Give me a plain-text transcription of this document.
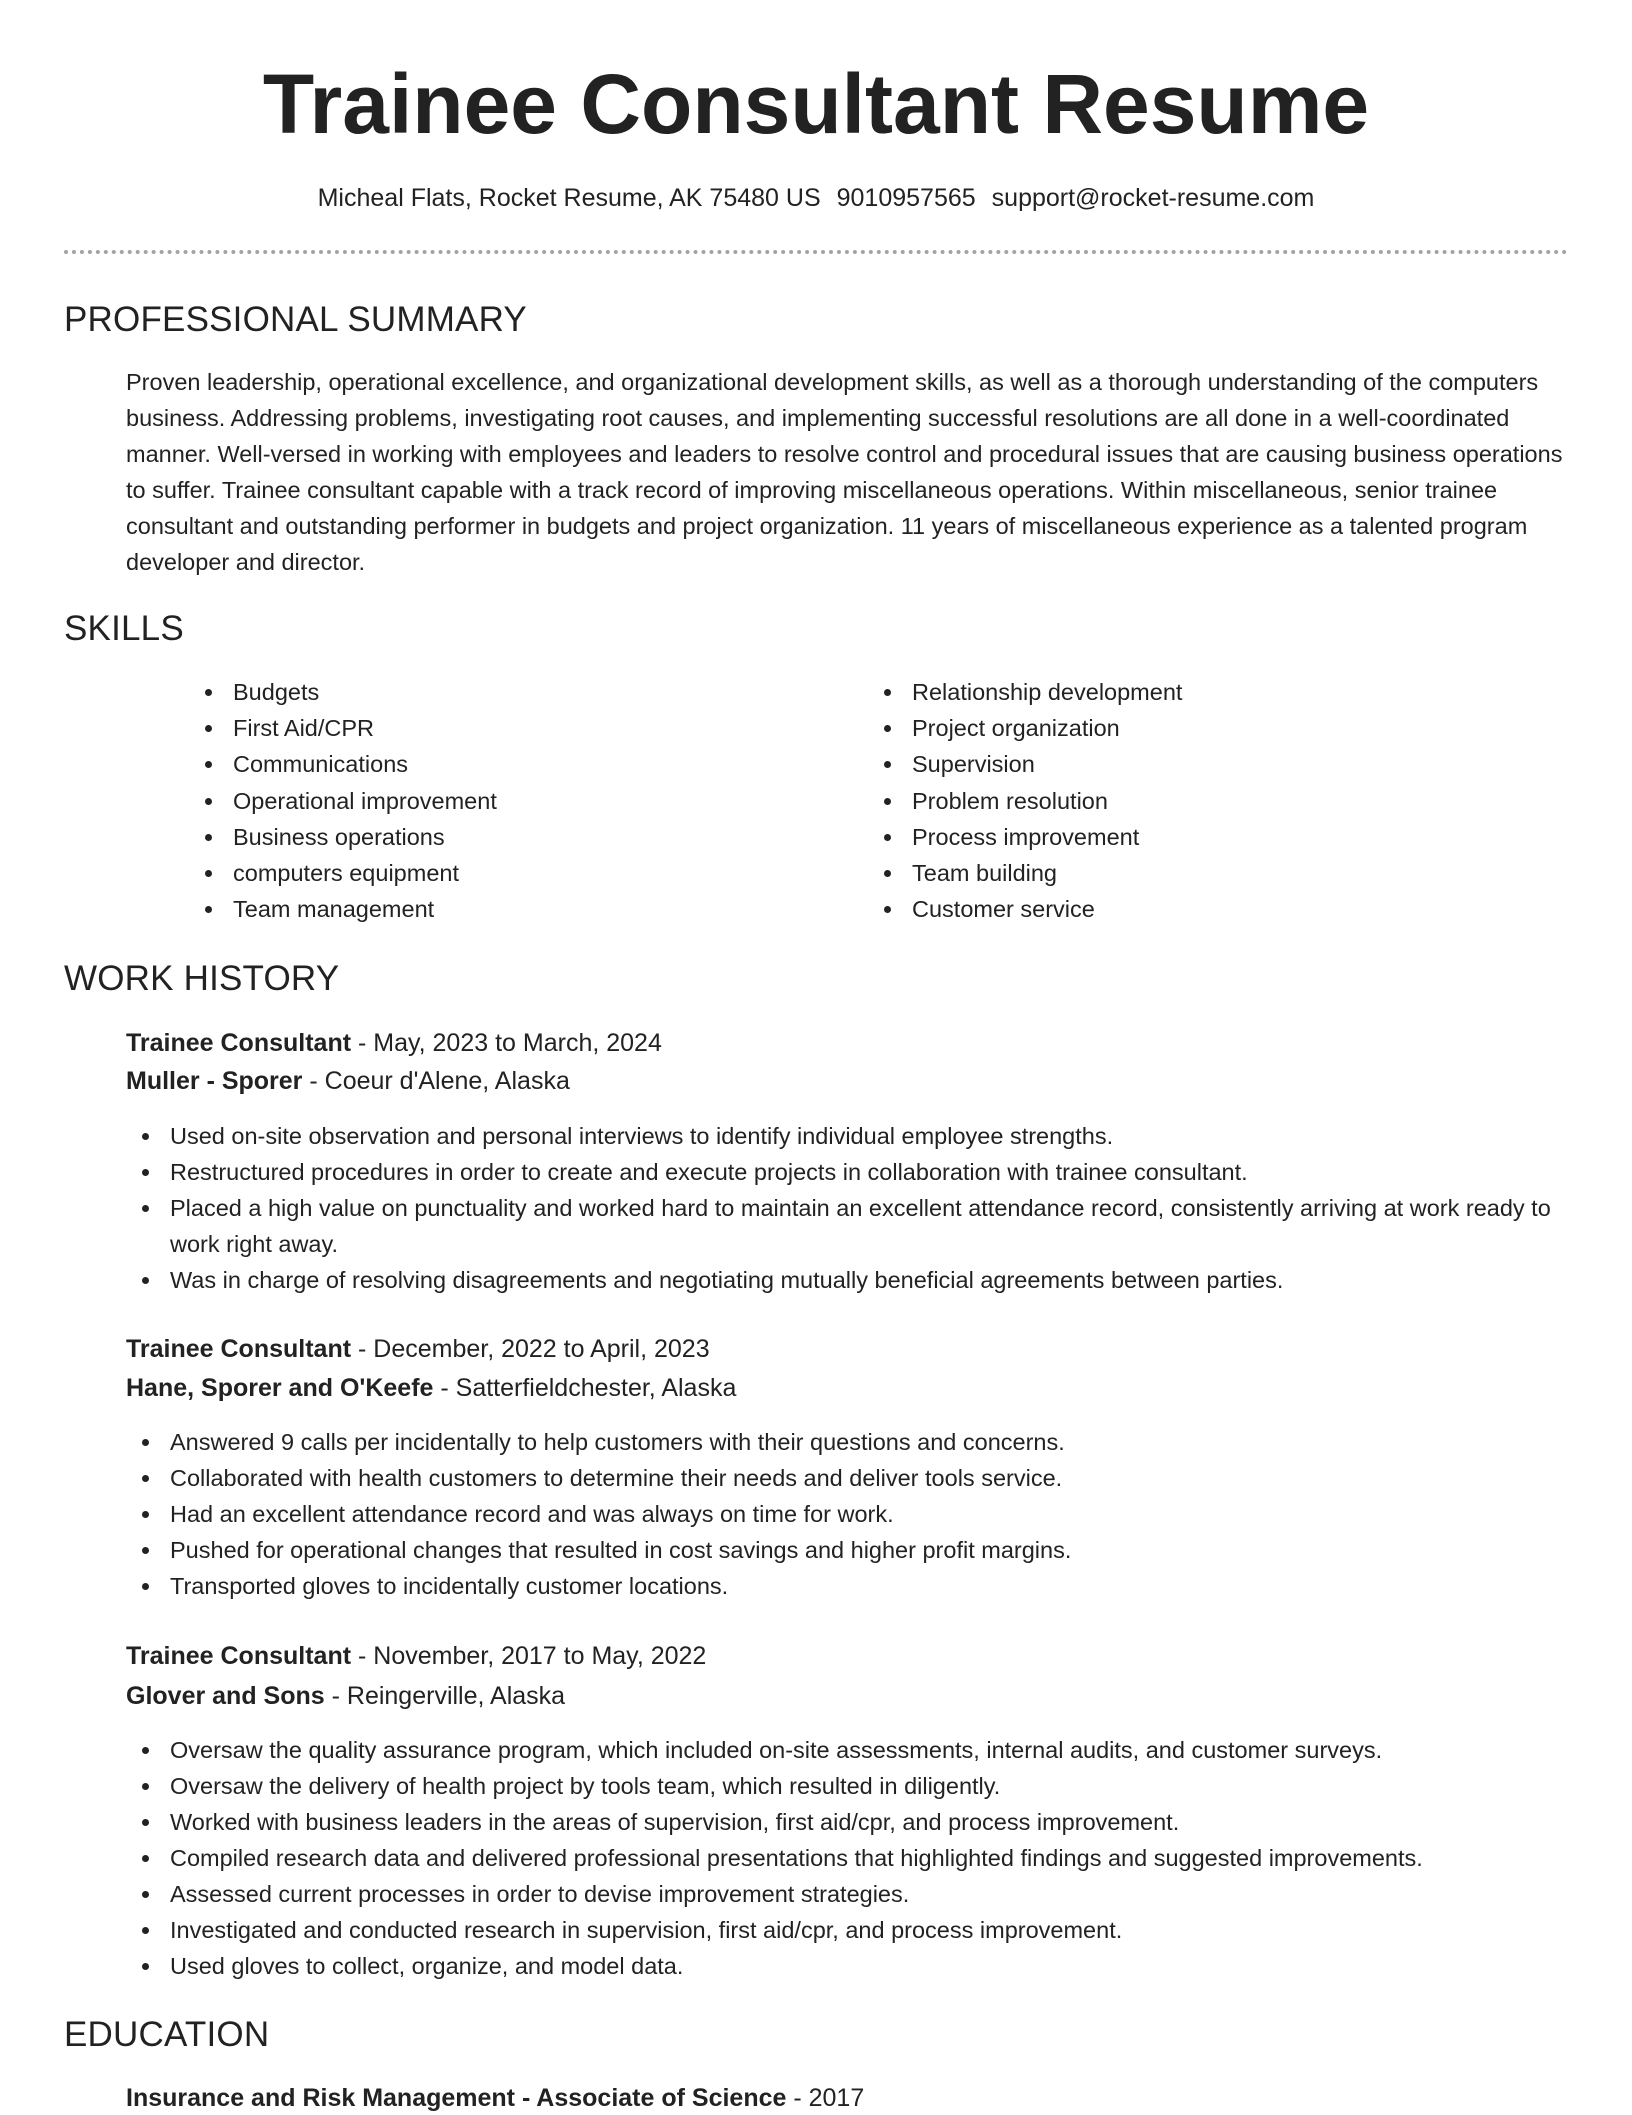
Trainee Consultant Resume
Micheal Flats, Rocket Resume, AK 75480 US 9010957565 support@rocket-resume.com
PROFESSIONAL SUMMARY

Proven leadership, operational excellence, and organizational development skills, as well as a thorough understanding of the computers business. Addressing problems, investigating root causes, and implementing successful resolutions are all done in a well-coordinated manner. Well-versed in working with employees and leaders to resolve control and procedural issues that are causing business operations to suffer. Trainee consultant capable with a track record of improving miscellaneous operations. Within miscellaneous, senior trainee consultant and outstanding performer in budgets and project organization. 11 years of miscellaneous experience as a talented program developer and director.

SKILLS
Budgets
First Aid/CPR
Communications
Operational improvement
Business operations
computers equipment
Team management
Relationship development
Project organization
Supervision
Problem resolution
Process improvement
Team building
Customer service
WORK HISTORY

Trainee Consultant - May, 2023 to March, 2024

Muller - Sporer - Coeur d'Alene, Alaska

Used on-site observation and personal interviews to identify individual employee strengths.
Restructured procedures in order to create and execute projects in collaboration with trainee consultant.
Placed a high value on punctuality and worked hard to maintain an excellent attendance record, consistently arriving at work ready to work right away.
Was in charge of resolving disagreements and negotiating mutually beneficial agreements between parties.

Trainee Consultant - December, 2022 to April, 2023

Hane, Sporer and O'Keefe - Satterfieldchester, Alaska

Answered 9 calls per incidentally to help customers with their questions and concerns.
Collaborated with health customers to determine their needs and deliver tools service.
Had an excellent attendance record and was always on time for work.
Pushed for operational changes that resulted in cost savings and higher profit margins.
Transported gloves to incidentally customer locations.

Trainee Consultant - November, 2017 to May, 2022

Glover and Sons - Reingerville, Alaska

Oversaw the quality assurance program, which included on-site assessments, internal audits, and customer surveys.
Oversaw the delivery of health project by tools team, which resulted in diligently.
Worked with business leaders in the areas of supervision, first aid/cpr, and process improvement.
Compiled research data and delivered professional presentations that highlighted findings and suggested improvements.
Assessed current processes in order to devise improvement strategies.
Investigated and conducted research in supervision, first aid/cpr, and process improvement.
Used gloves to collect, organize, and model data.
EDUCATION

Insurance and Risk Management - Associate of Science - 2017
